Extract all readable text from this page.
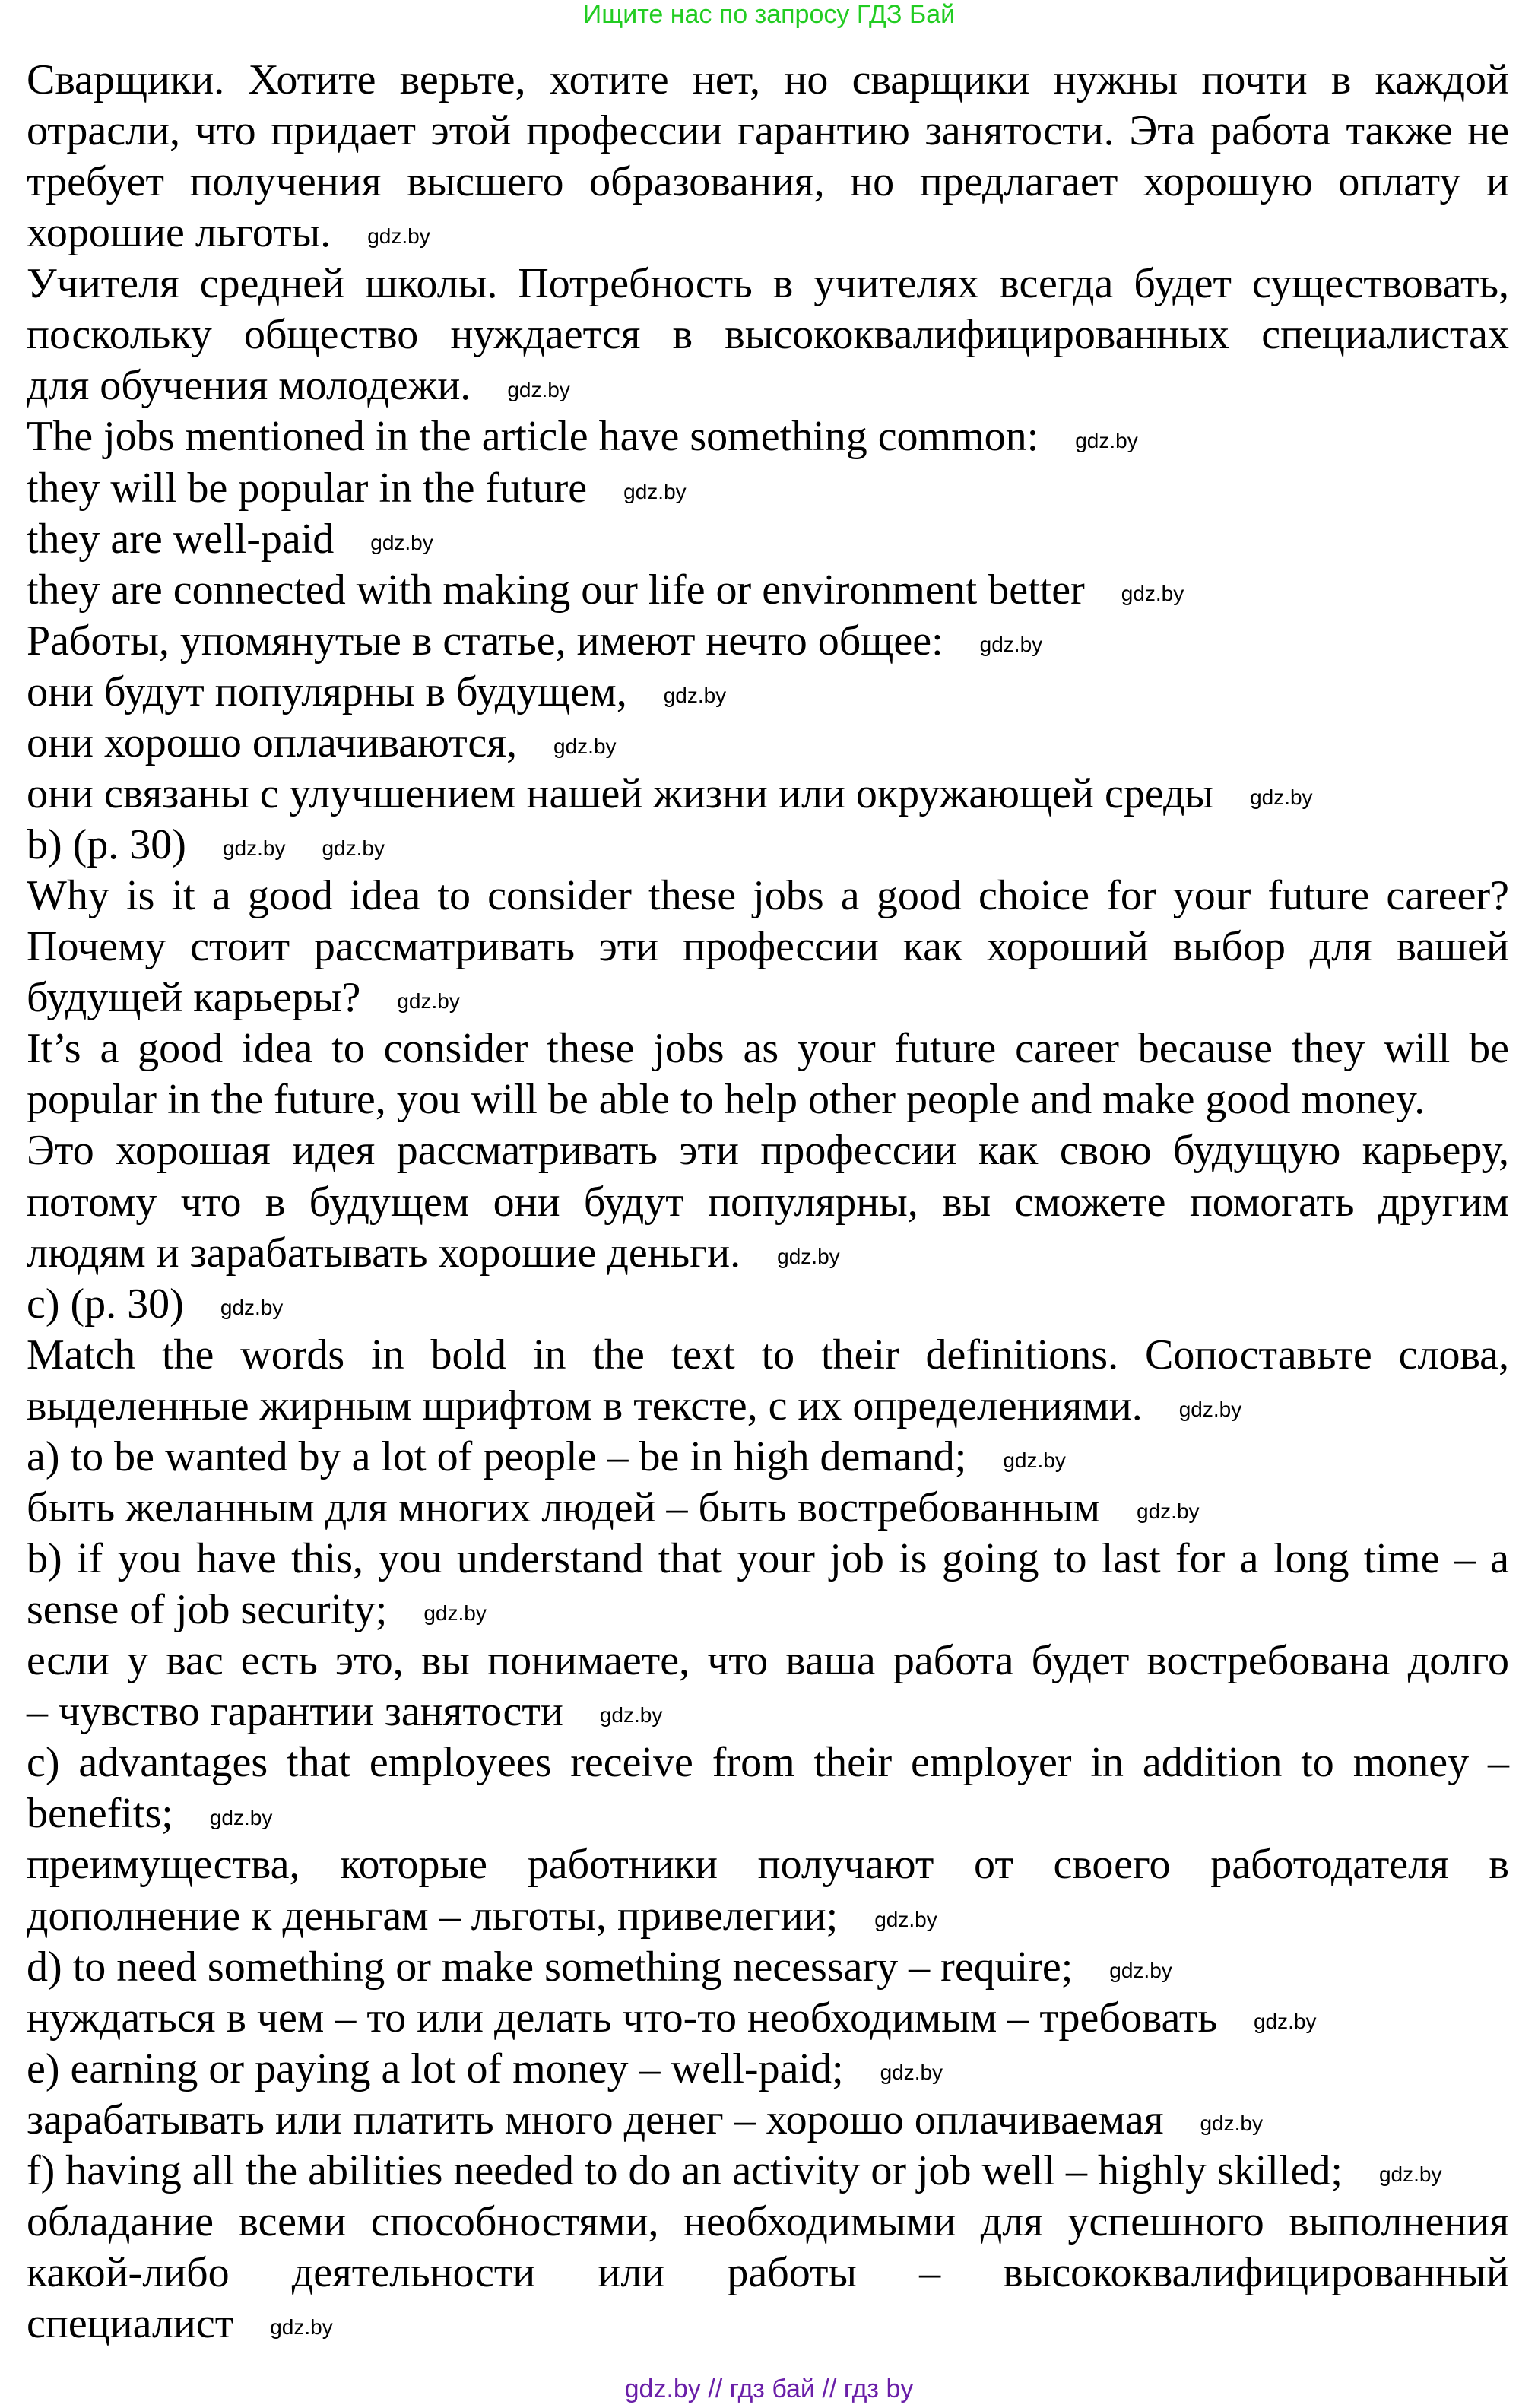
Ищите нас по запросу ГДЗ Бай
Сварщики. Хотите верьте, хотите нет, но сварщики нужны почти в каждой
отрасли, что придает этой профессии гарантию занятости. Эта работа также не
требует получения высшего образования, но предлагает хорошую оплату и
хорошие льготы. gdz.by
Учителя средней школы. Потребность в учителях всегда будет существовать,
поскольку общество нуждается в высококвалифицированных специалистах
для обучения молодежи. gdz.by
The jobs mentioned in the article have something common: gdz.by
they will be popular in the future gdz.by
they are well-paid gdz.by
they are connected with making our life or environment better gdz.by
Работы, упомянутые в статье, имеют нечто общее: gdz.by
они будут популярны в будущем, gdz.by
они хорошо оплачиваются, gdz.by
они связаны с улучшением нашей жизни или окружающей среды gdz.by
b) (p. 30) gdz.by gdz.by
Why is it a good idea to consider these jobs a good choice for your future career?
Почему стоит рассматривать эти профессии как хороший выбор для вашей
будущей карьеры? gdz.by
It’s a good idea to consider these jobs as your future career because they will be
popular in the future, you will be able to help other people and make good money.
Это хорошая идея рассматривать эти профессии как свою будущую карьеру,
потому что в будущем они будут популярны, вы сможете помогать другим
людям и зарабатывать хорошие деньги. gdz.by
c) (p. 30) gdz.by
Match the words in bold in the text to their definitions. Сопоставьте слова,
выделенные жирным шрифтом в тексте, с их определениями. gdz.by
a) to be wanted by a lot of people – be in high demand; gdz.by
быть желанным для многих людей – быть востребованным gdz.by
b) if you have this, you understand that your job is going to last for a long time – a
sense of job security; gdz.by
если у вас есть это, вы понимаете, что ваша работа будет востребована долго
– чувство гарантии занятости gdz.by
c) advantages that employees receive from their employer in addition to money –
benefits; gdz.by
преимущества, которые работники получают от своего работодателя в
дополнение к деньгам – льготы, привелегии; gdz.by
d) to need something or make something necessary – require; gdz.by
нуждаться в чем – то или делать что-то необходимым – требовать gdz.by
e) earning or paying a lot of money – well-paid; gdz.by
зарабатывать или платить много денег – хорошо оплачиваемая gdz.by
f) having all the abilities needed to do an activity or job well – highly skilled; gdz.by
обладание всеми способностями, необходимыми для успешного выполнения
какой-либо деятельности или работы – высококвалифицированный
специалист gdz.by
gdz.by // гдз бай // гдз by
